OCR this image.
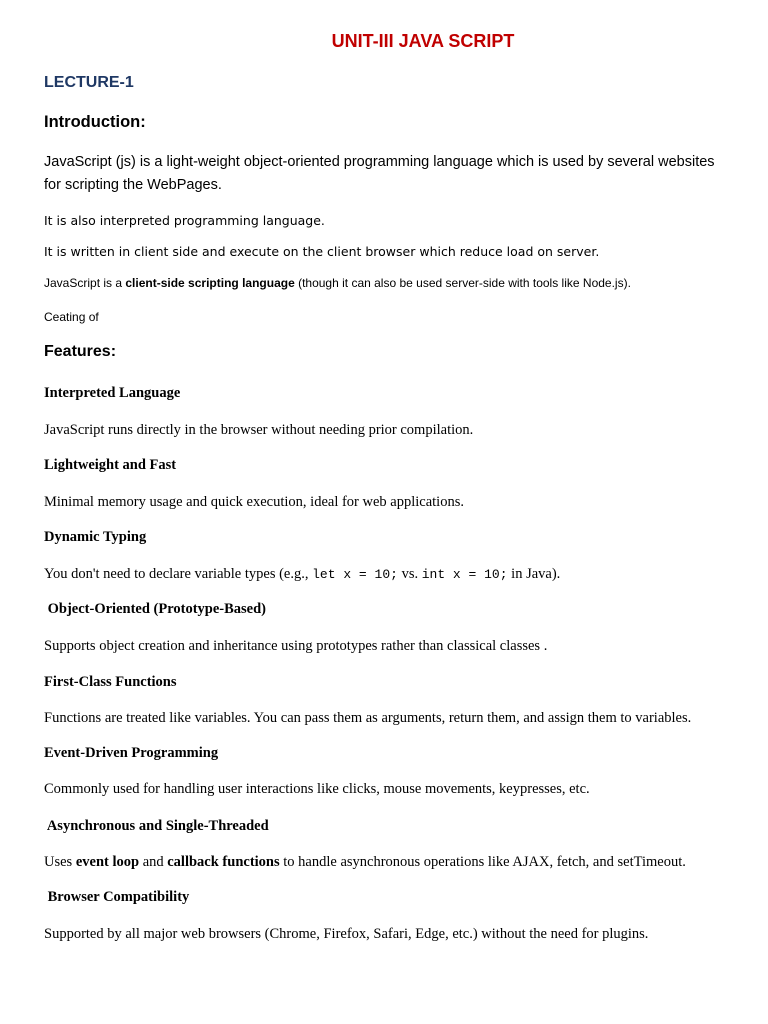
UNIT-III JAVA SCRIPT
LECTURE-1
Introduction:

JavaScript (js) is a light-weight object-oriented programming language which is used by several websites for scripting the WebPages.

It is also interpreted programming language.

It is written in client side and execute on the client browser which reduce load on server.

JavaScript is a client-side scripting language (though it can also be used server-side with tools like Node.js).

Ceating of

Features:

Interpreted Language

JavaScript runs directly in the browser without needing prior compilation.

Lightweight and Fast

Minimal memory usage and quick execution, ideal for web applications.

Dynamic Typing

You don't need to declare variable types (e.g., let x = 10; vs. int x = 10; in Java).

Object-Oriented (Prototype-Based)

Supports object creation and inheritance using prototypes rather than classical classes .

First-Class Functions

Functions are treated like variables. You can pass them as arguments, return them, and assign them to variables.

Event-Driven Programming

Commonly used for handling user interactions like clicks, mouse movements, keypresses, etc.

Asynchronous and Single-Threaded

Uses event loop and callback functions to handle asynchronous operations like AJAX, fetch, and setTimeout.

Browser Compatibility

Supported by all major web browsers (Chrome, Firefox, Safari, Edge, etc.) without the need for plugins.
